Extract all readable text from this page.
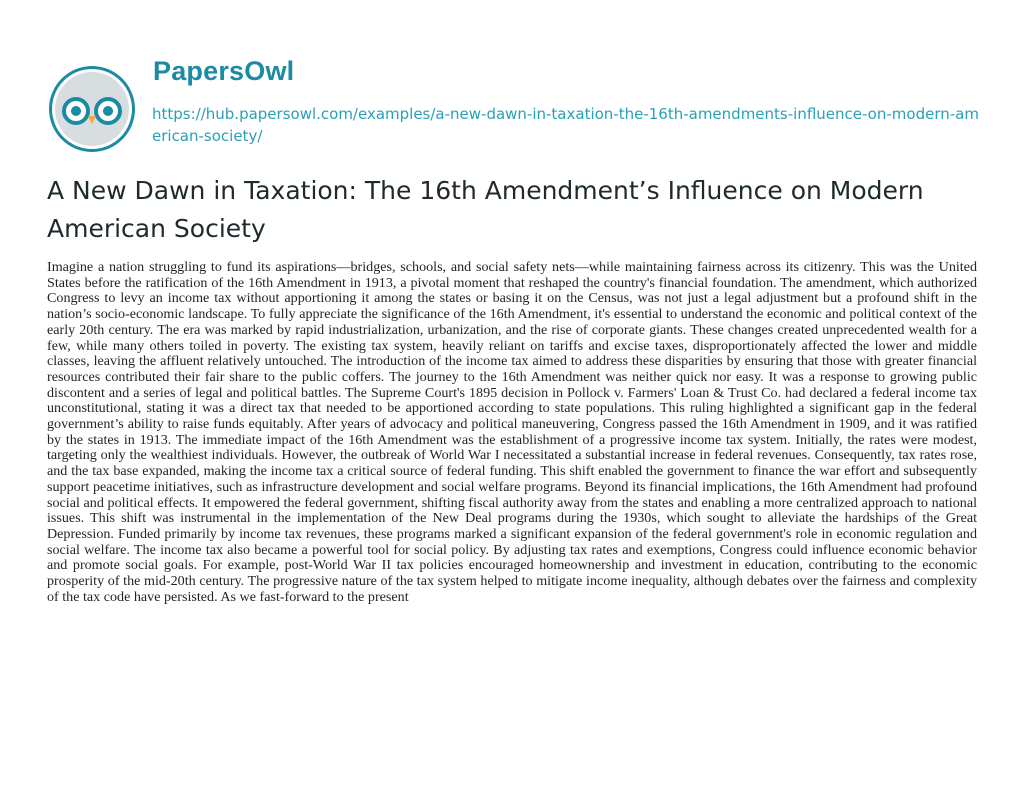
PapersOwl
https://hub.papersowl.com/examples/a-new-dawn-in-taxation-the-16th-amendments-influence-on-modern-american-society/
A New Dawn in Taxation: The 16th Amendment’s Influence on Modern American Society

Imagine a nation struggling to fund its aspirations—bridges, schools, and social safety nets—while maintaining fairness across its citizenry. This was the United States before the ratification of the 16th Amendment in 1913, a pivotal moment that reshaped the country's financial foundation. The amendment, which authorized Congress to levy an income tax without apportioning it among the states or basing it on the Census, was not just a legal adjustment but a profound shift in the nation’s socio-economic landscape. To fully appreciate the significance of the 16th Amendment, it's essential to understand the economic and political context of the early 20th century. The era was marked by rapid industrialization, urbanization, and the rise of corporate giants. These changes created unprecedented wealth for a few, while many others toiled in poverty. The existing tax system, heavily reliant on tariffs and excise taxes, disproportionately affected the lower and middle classes, leaving the affluent relatively untouched. The introduction of the income tax aimed to address these disparities by ensuring that those with greater financial resources contributed their fair share to the public coffers. The journey to the 16th Amendment was neither quick nor easy. It was a response to growing public discontent and a series of legal and political battles. The Supreme Court's 1895 decision in Pollock v. Farmers' Loan & Trust Co. had declared a federal income tax unconstitutional, stating it was a direct tax that needed to be apportioned according to state populations. This ruling highlighted a significant gap in the federal government’s ability to raise funds equitably. After years of advocacy and political maneuvering, Congress passed the 16th Amendment in 1909, and it was ratified by the states in 1913. The immediate impact of the 16th Amendment was the establishment of a progressive income tax system. Initially, the rates were modest, targeting only the wealthiest individuals. However, the outbreak of World War I necessitated a substantial increase in federal revenues. Consequently, tax rates rose, and the tax base expanded, making the income tax a critical source of federal funding. This shift enabled the government to finance the war effort and subsequently support peacetime initiatives, such as infrastructure development and social welfare programs. Beyond its financial implications, the 16th Amendment had profound social and political effects. It empowered the federal government, shifting fiscal authority away from the states and enabling a more centralized approach to national issues. This shift was instrumental in the implementation of the New Deal programs during the 1930s, which sought to alleviate the hardships of the Great Depression. Funded primarily by income tax revenues, these programs marked a significant expansion of the federal government's role in economic regulation and social welfare. The income tax also became a powerful tool for social policy. By adjusting tax rates and exemptions, Congress could influence economic behavior and promote social goals. For example, post-World War II tax policies encouraged homeownership and investment in education, contributing to the economic prosperity of the mid-20th century. The progressive nature of the tax system helped to mitigate income inequality, although debates over the fairness and complexity of the tax code have persisted. As we fast-forward to the present
